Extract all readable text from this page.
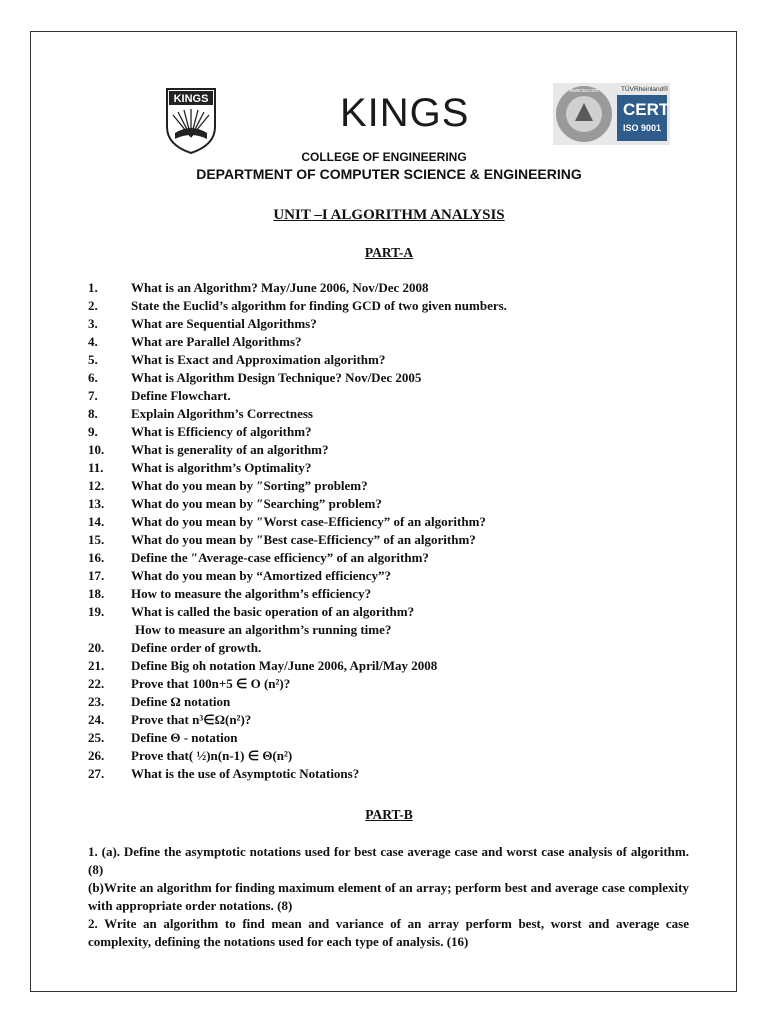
KINGS	KINGS	www.tuv.com	TÜVRheinland®
CERT
ISO 9001
COLLEGE OF ENGINEERING
DEPARTMENT OF COMPUTER SCIENCE & ENGINEERING
UNIT –I ALGORITHM ANALYSIS
PART-A
1.	What is an Algorithm? May/June 2006, Nov/Dec 2008
2.	State the Euclid’s algorithm for finding GCD of two given numbers.
3.	What are Sequential Algorithms?
4.	What are Parallel Algorithms?
5.	What is Exact and Approximation algorithm?
6.	What is Algorithm Design Technique? Nov/Dec 2005
7.	Define Flowchart.
8.	Explain Algorithm’s Correctness
9.	What is Efficiency of algorithm?
10.	What is generality of an algorithm?
11.	What is algorithm’s Optimality?
12.	What do you mean by ″Sorting” problem?
13.	What do you mean by ″Searching” problem?
14.	What do you mean by ″Worst case-Efficiency” of an algorithm?
15.	What do you mean by ″Best case-Efficiency” of an algorithm?
16.	Define the ″Average-case efficiency” of an algorithm?
17.	What do you mean by “Amortized efficiency”?
18.	How to measure the algorithm’s efficiency?
19.	What is called the basic operation of an algorithm?
How to measure an algorithm’s running time?
20.	Define order of growth.
21.	Define Big oh notation May/June 2006, April/May 2008
22.	Prove that 100n+5 ∈ O (n²)?
23.	Define Ω notation
24.	Prove that n³∈Ω(n²)?
25.	Define Θ - notation
26.	Prove that( ½)n(n-1) ∈ Θ(n²)
27.	What is the use of Asymptotic Notations?
PART-B

1. (a). Define the asymptotic notations used for best case average case and worst case analysis of algorithm. (8)

(b)Write an algorithm for finding maximum element of an array; perform best and average case complexity with appropriate order notations. (8)

2. Write an algorithm to find mean and variance of an array perform best, worst and average case complexity, defining the notations used for each type of analysis. (16)
